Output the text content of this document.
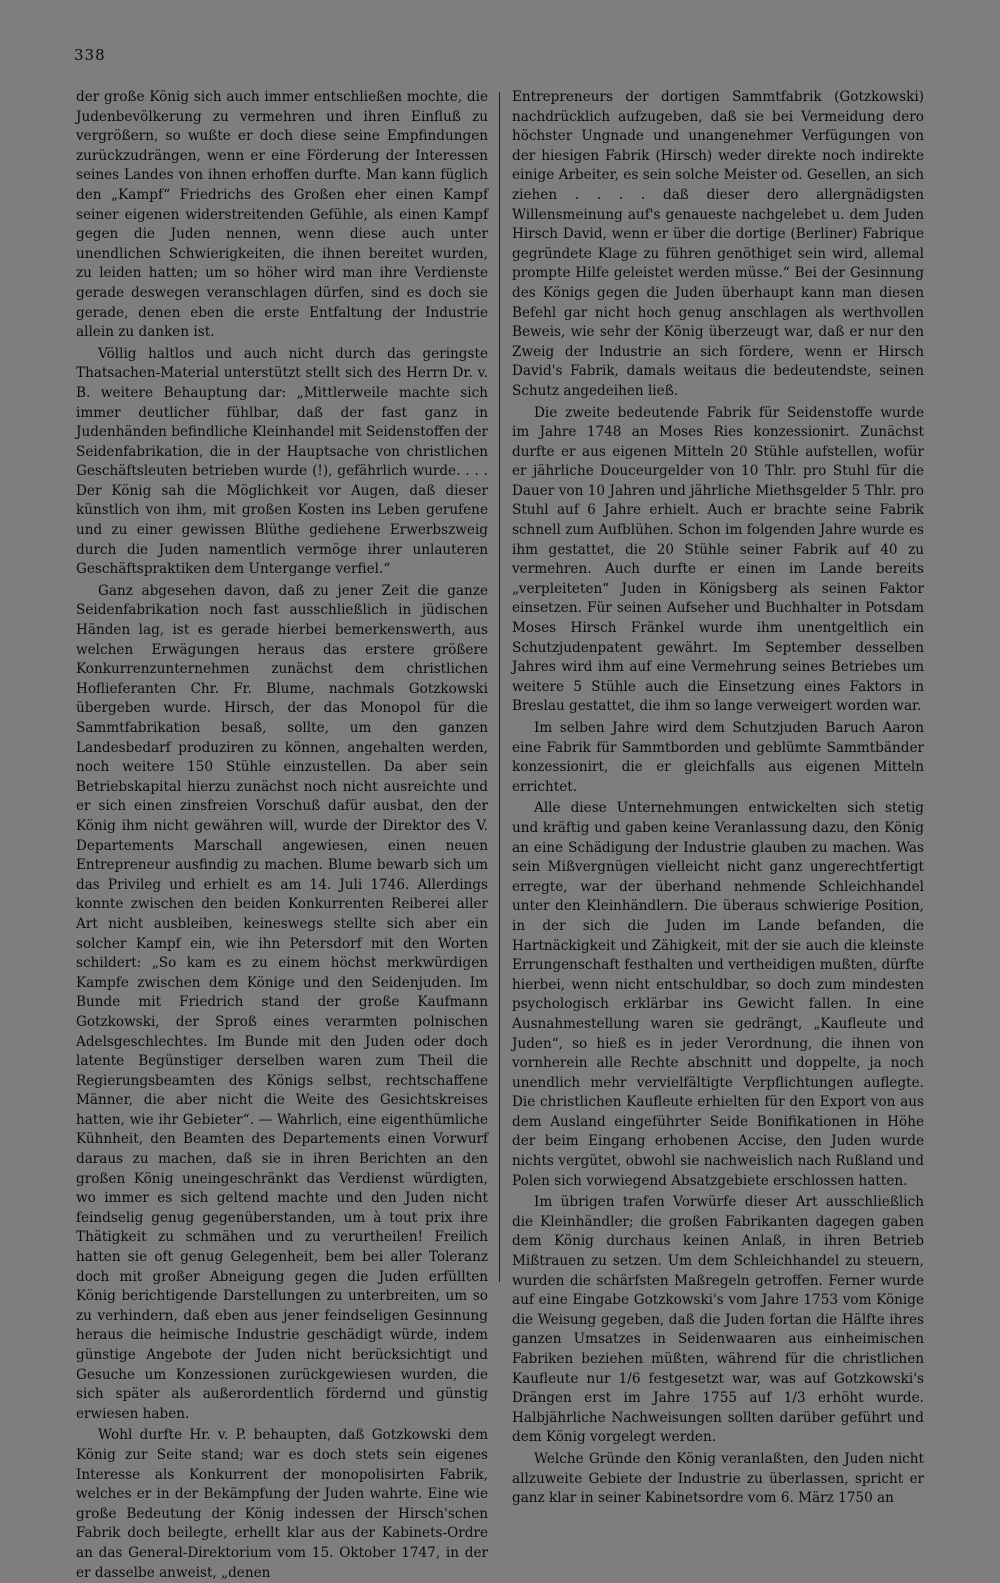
338

der große König sich auch immer entschließen mochte, die Judenbevölkerung zu vermehren und ihren Einfluß zu vergrößern, so wußte er doch diese seine Empfindungen zurückzudrängen, wenn er eine Förderung der Interessen seines Landes von ihnen erhoffen durfte. Man kann füglich den „Kampf“ Friedrichs des Großen eher einen Kampf seiner eigenen widerstreitenden Gefühle, als einen Kampf gegen die Juden nennen, wenn diese auch unter unendlichen Schwierigkeiten, die ihnen bereitet wurden, zu leiden hatten; um so höher wird man ihre Verdienste gerade deswegen veranschlagen dürfen, sind es doch sie gerade, denen eben die erste Entfaltung der Industrie allein zu danken ist.

Völlig haltlos und auch nicht durch das geringste Thatsachen-Material unterstützt stellt sich des Herrn Dr. v. B. weitere Behauptung dar: „Mittlerweile machte sich immer deutlicher fühlbar, daß der fast ganz in Judenhänden befindliche Kleinhandel mit Seidenstoffen der Seidenfabrikation, die in der Hauptsache von christlichen Geschäftsleuten betrieben wurde (!), gefährlich wurde. . . . Der König sah die Möglichkeit vor Augen, daß dieser künstlich von ihm, mit großen Kosten ins Leben gerufene und zu einer gewissen Blüthe gediehene Erwerbszweig durch die Juden namentlich vermöge ihrer unlauteren Geschäftspraktiken dem Untergange verfiel.“

Ganz abgesehen davon, daß zu jener Zeit die ganze Seidenfabrikation noch fast ausschließlich in jüdischen Händen lag, ist es gerade hierbei bemerkenswerth, aus welchen Erwägungen heraus das erstere größere Konkurrenzunternehmen zunächst dem christlichen Hoflieferanten Chr. Fr. Blume, nachmals Gotzkowski übergeben wurde. Hirsch, der das Monopol für die Sammtfabrikation besaß, sollte, um den ganzen Landesbedarf produziren zu können, angehalten werden, noch weitere 150 Stühle einzustellen. Da aber sein Betriebskapital hierzu zunächst noch nicht ausreichte und er sich einen zinsfreien Vorschuß dafür ausbat, den der König ihm nicht gewähren will, wurde der Direktor des V. Departements Marschall angewiesen, einen neuen Entrepreneur ausfindig zu machen. Blume bewarb sich um das Privileg und erhielt es am 14. Juli 1746. Allerdings konnte zwischen den beiden Konkurrenten Reiberei aller Art nicht ausbleiben, keineswegs stellte sich aber ein solcher Kampf ein, wie ihn Petersdorf mit den Worten schildert: „So kam es zu einem höchst merkwürdigen Kampfe zwischen dem Könige und den Seidenjuden. Im Bunde mit Friedrich stand der große Kaufmann Gotzkowski, der Sproß eines verarmten polnischen Adelsgeschlechtes. Im Bunde mit den Juden oder doch latente Begünstiger derselben waren zum Theil die Regierungsbeamten des Königs selbst, rechtschaffene Männer, die aber nicht die Weite des Gesichtskreises hatten, wie ihr Gebieter“. — Wahrlich, eine eigenthümliche Kühnheit, den Beamten des Departements einen Vorwurf daraus zu machen, daß sie in ihren Berichten an den großen König uneingeschränkt das Verdienst würdigten, wo immer es sich geltend machte und den Juden nicht feindselig genug gegenüberstanden, um à tout prix ihre Thätigkeit zu schmähen und zu verurtheilen! Freilich hatten sie oft genug Gelegenheit, bem bei aller Toleranz doch mit großer Abneigung gegen die Juden erfüllten König berichtigende Darstellungen zu unterbreiten, um so zu verhindern, daß eben aus jener feindseligen Gesinnung heraus die heimische Industrie geschädigt würde, indem günstige Angebote der Juden nicht berücksichtigt und Gesuche um Konzessionen zurückgewiesen wurden, die sich später als außerordentlich fördernd und günstig erwiesen haben.

Wohl durfte Hr. v. P. behaupten, daß Gotzkowski dem König zur Seite stand; war es doch stets sein eigenes Interesse als Konkurrent der monopolisirten Fabrik, welches er in der Bekämpfung der Juden wahrte. Eine wie große Bedeutung der König indessen der Hirsch'schen Fabrik doch beilegte, erhellt klar aus der Kabinets-Ordre an das General-Direktorium vom 15. Oktober 1747, in der er dasselbe anweist, „denen

Entrepreneurs der dortigen Sammtfabrik (Gotzkowski) nachdrücklich aufzugeben, daß sie bei Vermeidung dero höchster Ungnade und unangenehmer Verfügungen von der hiesigen Fabrik (Hirsch) weder direkte noch indirekte einige Arbeiter, es sein solche Meister od. Gesellen, an sich ziehen . . . . daß dieser dero allergnädigsten Willensmeinung auf's genaueste nachgelebet u. dem Juden Hirsch David, wenn er über die dortige (Berliner) Fabrique gegründete Klage zu führen genöthiget sein wird, allemal prompte Hilfe geleistet werden müsse.“ Bei der Gesinnung des Königs gegen die Juden überhaupt kann man diesen Befehl gar nicht hoch genug anschlagen als werthvollen Beweis, wie sehr der König überzeugt war, daß er nur den Zweig der Industrie an sich fördere, wenn er Hirsch David's Fabrik, damals weitaus die bedeutendste, seinen Schutz angedeihen ließ.

Die zweite bedeutende Fabrik für Seidenstoffe wurde im Jahre 1748 an Moses Ries konzessionirt. Zunächst durfte er aus eigenen Mitteln 20 Stühle aufstellen, wofür er jährliche Douceurgelder von 10 Thlr. pro Stuhl für die Dauer von 10 Jahren und jährliche Miethsgelder 5 Thlr. pro Stuhl auf 6 Jahre erhielt. Auch er brachte seine Fabrik schnell zum Aufblühen. Schon im folgenden Jahre wurde es ihm gestattet, die 20 Stühle seiner Fabrik auf 40 zu vermehren. Auch durfte er einen im Lande bereits „verpleiteten“ Juden in Königsberg als seinen Faktor einsetzen. Für seinen Aufseher und Buchhalter in Potsdam Moses Hirsch Fränkel wurde ihm unentgeltlich ein Schutzjudenpatent gewährt. Im September desselben Jahres wird ihm auf eine Vermehrung seines Betriebes um weitere 5 Stühle auch die Einsetzung eines Faktors in Breslau gestattet, die ihm so lange verweigert worden war.

Im selben Jahre wird dem Schutzjuden Baruch Aaron eine Fabrik für Sammtborden und geblümte Sammtbänder konzessionirt, die er gleichfalls aus eigenen Mitteln errichtet.

Alle diese Unternehmungen entwickelten sich stetig und kräftig und gaben keine Veranlassung dazu, den König an eine Schädigung der Industrie glauben zu machen. Was sein Mißvergnügen vielleicht nicht ganz ungerechtfertigt erregte, war der überhand nehmende Schleichhandel unter den Kleinhändlern. Die überaus schwierige Position, in der sich die Juden im Lande befanden, die Hartnäckigkeit und Zähigkeit, mit der sie auch die kleinste Errungenschaft festhalten und vertheidigen mußten, dürfte hierbei, wenn nicht entschuldbar, so doch zum mindesten psychologisch erklärbar ins Gewicht fallen. In eine Ausnahmestellung waren sie gedrängt, „Kaufleute und Juden“, so hieß es in jeder Verordnung, die ihnen von vornherein alle Rechte abschnitt und doppelte, ja noch unendlich mehr vervielfältigte Verpflichtungen auflegte. Die christlichen Kaufleute erhielten für den Export von aus dem Ausland eingeführter Seide Bonifikationen in Höhe der beim Eingang erhobenen Accise, den Juden wurde nichts vergütet, obwohl sie nachweislich nach Rußland und Polen sich vorwiegend Absatzgebiete erschlossen hatten.

Im übrigen trafen Vorwürfe dieser Art ausschließlich die Kleinhändler; die großen Fabrikanten dagegen gaben dem König durchaus keinen Anlaß, in ihren Betrieb Mißtrauen zu setzen. Um dem Schleichhandel zu steuern, wurden die schärfsten Maßregeln getroffen. Ferner wurde auf eine Eingabe Gotzkowski's vom Jahre 1753 vom Könige die Weisung gegeben, daß die Juden fortan die Hälfte ihres ganzen Umsatzes in Seidenwaaren aus einheimischen Fabriken beziehen müßten, während für die christlichen Kaufleute nur 1/6 festgesetzt war, was auf Gotzkowski's Drängen erst im Jahre 1755 auf 1/3 erhöht wurde. Halbjährliche Nachweisungen sollten darüber geführt und dem König vorgelegt werden.

Welche Gründe den König veranlaßten, den Juden nicht allzuweite Gebiete der Industrie zu überlassen, spricht er ganz klar in seiner Kabinetsordre vom 6. März 1750 an
